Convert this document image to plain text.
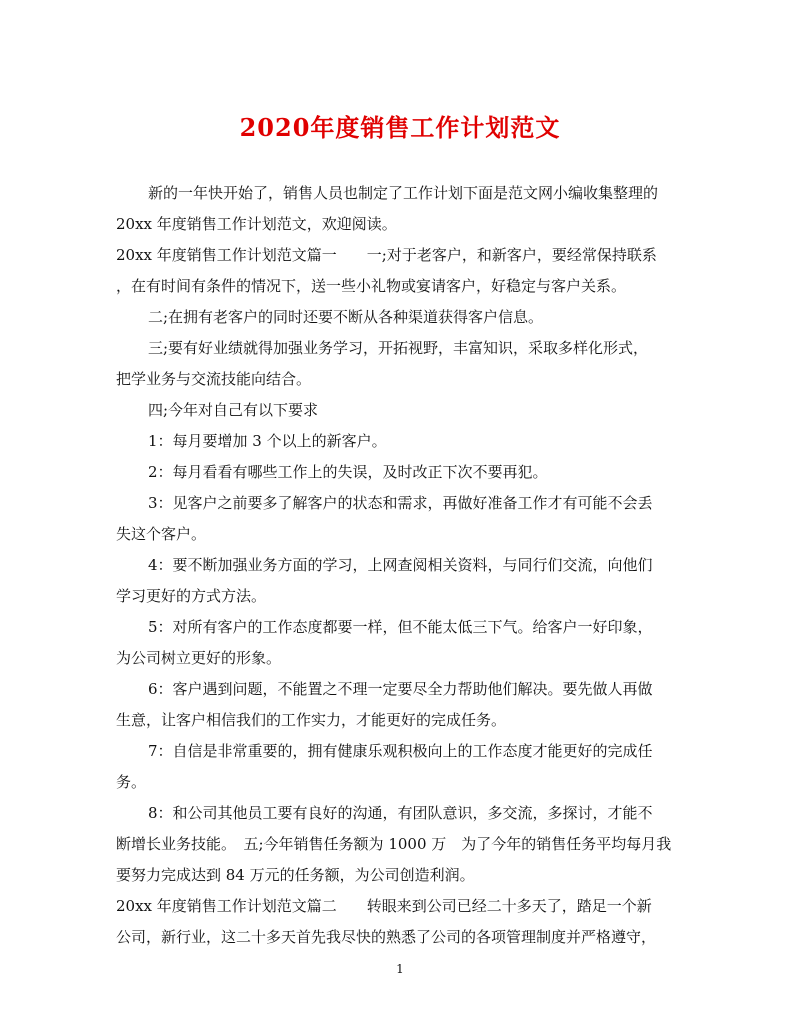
2020年度销售工作计划范文
新的一年快开始了，销售人员也制定了工作计划下面是范文网小编收集整理的
20xx 年度销售工作计划范文，欢迎阅读。
20xx 年度销售工作计划范文篇一　　一;对于老客户，和新客户，要经常保持联系
，在有时间有条件的情况下，送一些小礼物或宴请客户，好稳定与客户关系。
二;在拥有老客户的同时还要不断从各种渠道获得客户信息。
三;要有好业绩就得加强业务学习，开拓视野，丰富知识，采取多样化形式，
把学业务与交流技能向结合。
四;今年对自己有以下要求
1：每月要增加 3 个以上的新客户。
2：每月看看有哪些工作上的失误，及时改正下次不要再犯。
3：见客户之前要多了解客户的状态和需求，再做好准备工作才有可能不会丢
失这个客户。
4：要不断加强业务方面的学习，上网查阅相关资料，与同行们交流，向他们
学习更好的方式方法。
5：对所有客户的工作态度都要一样，但不能太低三下气。给客户一好印象，
为公司树立更好的形象。
6：客户遇到问题，不能置之不理一定要尽全力帮助他们解决。要先做人再做
生意，让客户相信我们的工作实力，才能更好的完成任务。
7：自信是非常重要的，拥有健康乐观积极向上的工作态度才能更好的完成任
务。
8：和公司其他员工要有良好的沟通，有团队意识，多交流，多探讨，才能不
断增长业务技能。　五;今年销售任务额为 1000 万　为了今年的销售任务平均每月我
要努力完成达到 84 万元的任务额，为公司创造利润。
20xx 年度销售工作计划范文篇二　　转眼来到公司已经二十多天了，踏足一个新
公司，新行业，这二十多天首先我尽快的熟悉了公司的各项管理制度并严格遵守，
1
